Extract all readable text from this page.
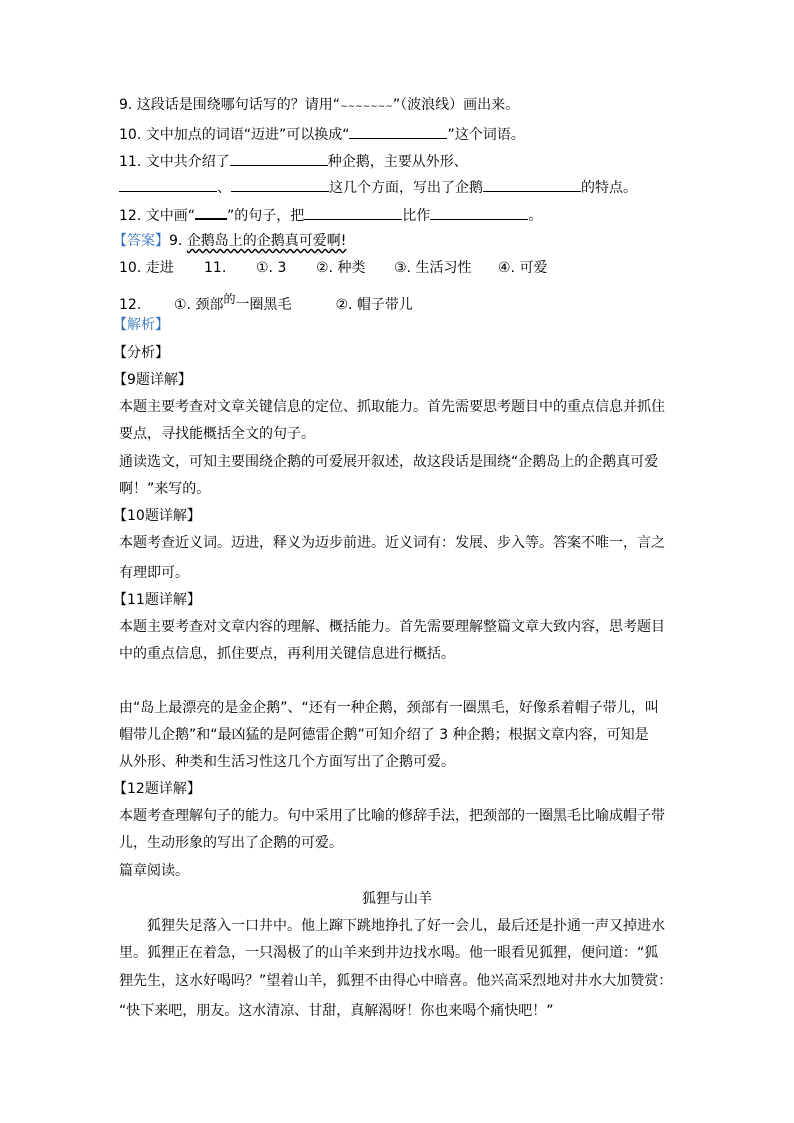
9. 这段话是围绕哪句话写的？请用“~~~~~~~”（波浪线）画出来。
10. 文中加点的词语“迈进”可以换成“	”这个词语。
11. 文中共介绍了	种企鹅，主要从外形、
、	这几个方面，写出了企鹅	的特点。
12. 文中画“ ”的句子，把	比作	。
【答案】9. 企鹅岛上的企鹅真可爱啊!
10. 走进 11. ①. 3 ②. 种类 ③. 生活习性 ④. 可爱
12. ①. 颈部$^的$一圈黑毛	②. 帽子带儿
【解析】
【分析】
【9题详解】
本题主要考查对文章关键信息的定位、抓取能力。首先需要思考题目中的重点信息并抓住
要点，寻找能概括全文的句子。
通读选文，可知主要围绕企鹅的可爱展开叙述，故这段话是围绕“企鹅岛上的企鹅真可爱
啊！”来写的。
【10题详解】
本题考查近义词。迈进，释义为迈步前进。近义词有：发展、步入等。答案不唯一，言之
有理即可。
【11题详解】
本题主要考查对文章内容的理解、概括能力。首先需要理解整篇文章大致内容，思考题目
中的重点信息，抓住要点，再利用关键信息进行概括。
由“岛上最漂亮的是金企鹅”、“还有一种企鹅，颈部有一圈黑毛，好像系着帽子带儿，叫
帽带儿企鹅”和“最凶猛的是阿德雷企鹅”可知介绍了 3 种企鹅；根据文章内容，可知是
从外形、种类和生活习性这几个方面写出了企鹅可爱。
【12题详解】
本题考查理解句子的能力。句中采用了比喻的修辞手法，把颈部的一圈黑毛比喻成帽子带
儿，生动形象的写出了企鹅的可爱。
篇章阅读。
狐狸与山羊
　　狐狸失足落入一口井中。他上蹿下跳地挣扎了好一会儿，最后还是扑通一声又掉进水
里。狐狸正在着急，一只渴极了的山羊来到井边找水喝。他一眼看见狐狸，便问道：“狐
狸先生，这水好喝吗？”望着山羊，狐狸不由得心中暗喜。他兴高采烈地对井水大加赞赏：
“快下来吧，朋友。这水清凉、甘甜，真解渴呀！你也来喝个痛快吧！”
